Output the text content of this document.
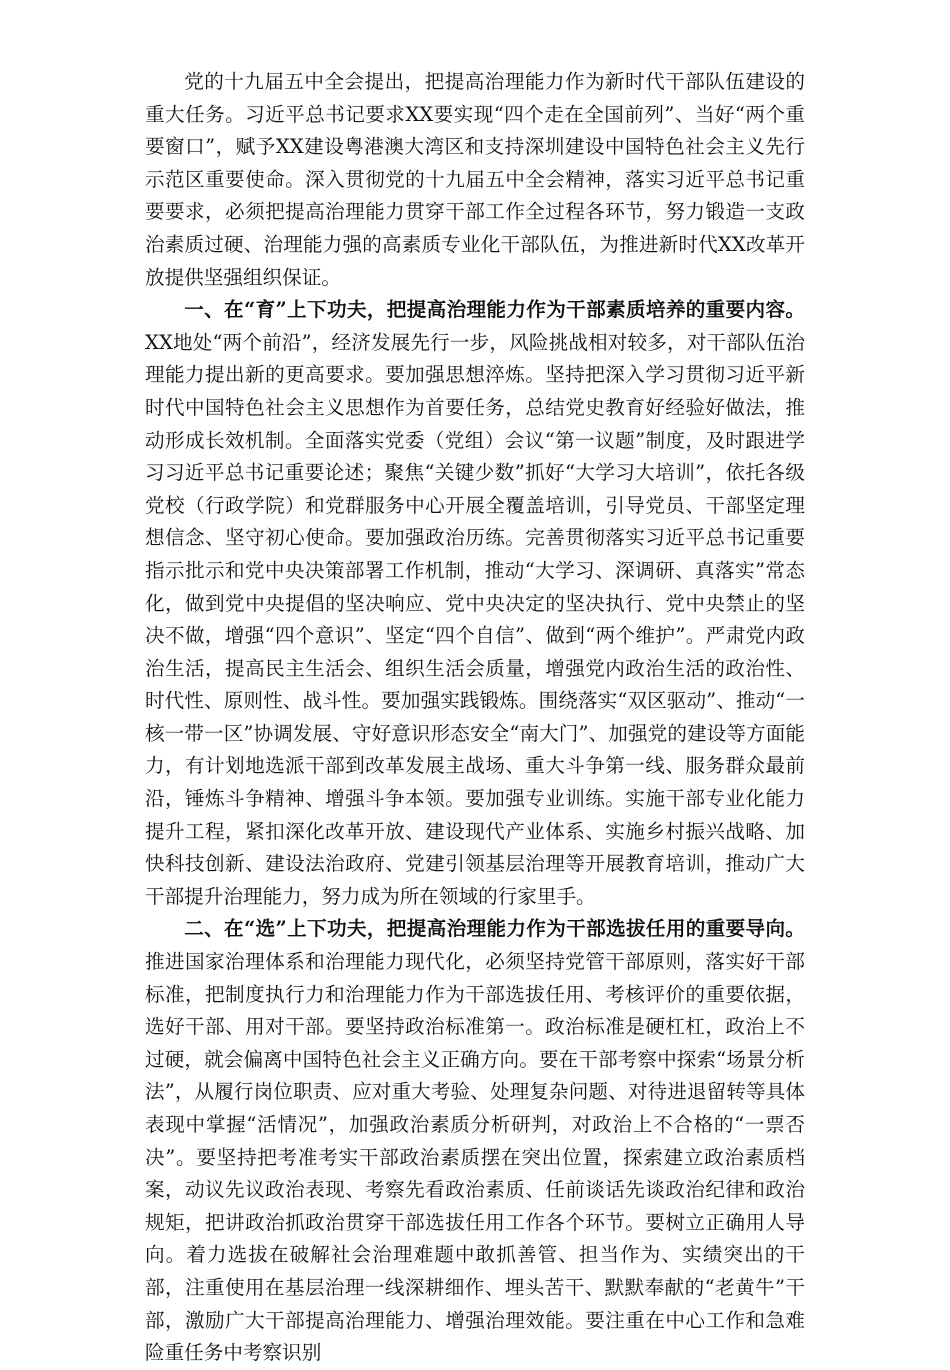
党的十九届五中全会提出，把提高治理能力作为新时代干部队伍建设的重大任务。习近平总书记要求XX要实现“四个走在全国前列”、当好“两个重要窗口”，赋予XX建设粤港澳大湾区和支持深圳建设中国特色社会主义先行示范区重要使命。深入贯彻党的十九届五中全会精神，落实习近平总书记重要要求，必须把提高治理能力贯穿干部工作全过程各环节，努力锻造一支政治素质过硬、治理能力强的高素质专业化干部队伍，为推进新时代XX改革开放提供坚强组织保证。

一、在“育”上下功夫，把提高治理能力作为干部素质培养的重要内容。XX地处“两个前沿”，经济发展先行一步，风险挑战相对较多，对干部队伍治理能力提出新的更高要求。要加强思想淬炼。坚持把深入学习贯彻习近平新时代中国特色社会主义思想作为首要任务，总结党史教育好经验好做法，推动形成长效机制。全面落实党委（党组）会议“第一议题”制度，及时跟进学习习近平总书记重要论述；聚焦“关键少数”抓好“大学习大培训”，依托各级党校（行政学院）和党群服务中心开展全覆盖培训，引导党员、干部坚定理想信念、坚守初心使命。要加强政治历练。完善贯彻落实习近平总书记重要指示批示和党中央决策部署工作机制，推动“大学习、深调研、真落实”常态化，做到党中央提倡的坚决响应、党中央决定的坚决执行、党中央禁止的坚决不做，增强“四个意识”、坚定“四个自信”、做到“两个维护”。严肃党内政治生活，提高民主生活会、组织生活会质量，增强党内政治生活的政治性、时代性、原则性、战斗性。要加强实践锻炼。围绕落实“双区驱动”、推动“一核一带一区”协调发展、守好意识形态安全“南大门”、加强党的建设等方面能力，有计划地选派干部到改革发展主战场、重大斗争第一线、服务群众最前沿，锤炼斗争精神、增强斗争本领。要加强专业训练。实施干部专业化能力提升工程，紧扣深化改革开放、建设现代产业体系、实施乡村振兴战略、加快科技创新、建设法治政府、党建引领基层治理等开展教育培训，推动广大干部提升治理能力，努力成为所在领域的行家里手。

二、在“选”上下功夫，把提高治理能力作为干部选拔任用的重要导向。推进国家治理体系和治理能力现代化，必须坚持党管干部原则，落实好干部标准，把制度执行力和治理能力作为干部选拔任用、考核评价的重要依据，选好干部、用对干部。要坚持政治标准第一。政治标准是硬杠杠，政治上不过硬，就会偏离中国特色社会主义正确方向。要在干部考察中探索“场景分析法”，从履行岗位职责、应对重大考验、处理复杂问题、对待进退留转等具体表现中掌握“活情况”，加强政治素质分析研判，对政治上不合格的“一票否决”。要坚持把考准考实干部政治素质摆在突出位置，探索建立政治素质档案，动议先议政治表现、考察先看政治素质、任前谈话先谈政治纪律和政治规矩，把讲政治抓政治贯穿干部选拔任用工作各个环节。要树立正确用人导向。着力选拔在破解社会治理难题中敢抓善管、担当作为、实绩突出的干部，注重使用在基层治理一线深耕细作、埋头苦干、默默奉献的“老黄牛”干部，激励广大干部提高治理能力、增强治理效能。要注重在中心工作和急难险重任务中考察识别
